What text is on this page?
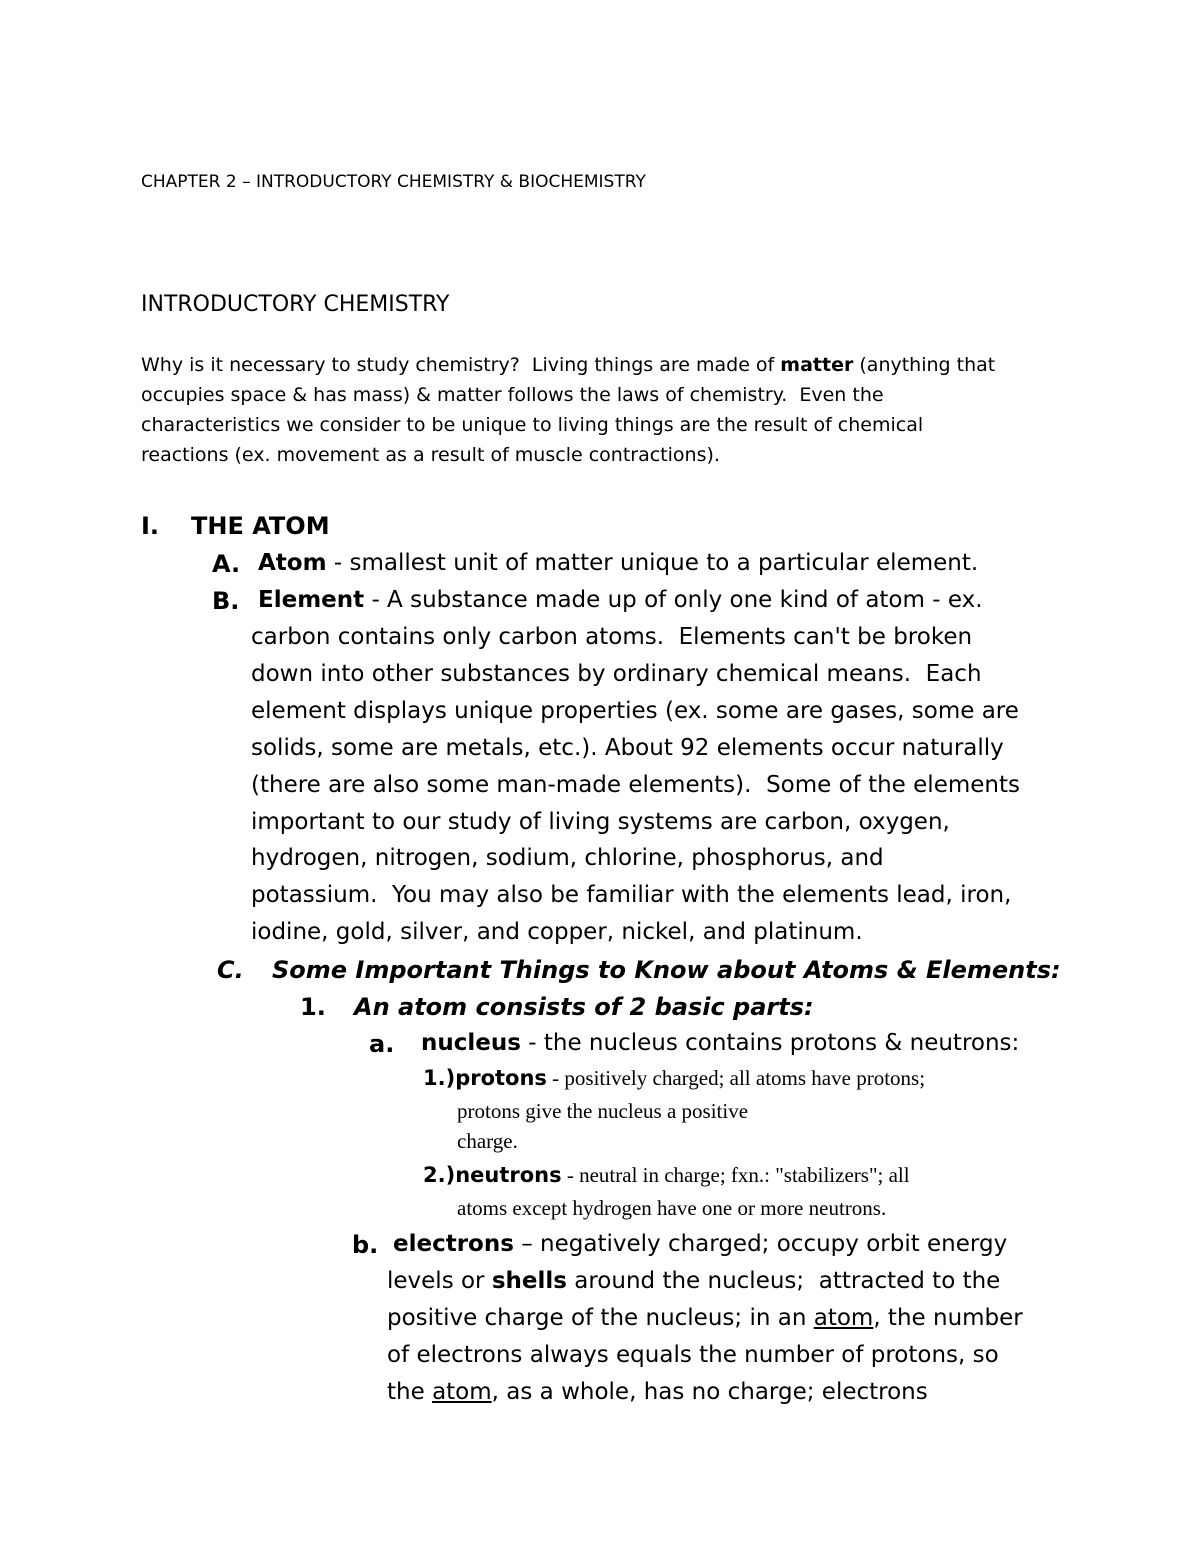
CHAPTER 2 – INTRODUCTORY CHEMISTRY & BIOCHEMISTRY
INTRODUCTORY CHEMISTRY
Why is it necessary to study chemistry?  Living things are made of matter (anything that
occupies space & has mass) & matter follows the laws of chemistry.  Even the
characteristics we consider to be unique to living things are the result of chemical
reactions (ex. movement as a result of muscle contractions).
I. THE ATOM
A. Atom - smallest unit of matter unique to a particular element.
B. Element - A substance made up of only one kind of atom - ex.
carbon contains only carbon atoms.  Elements can't be broken
down into other substances by ordinary chemical means.  Each
element displays unique properties (ex. some are gases, some are
solids, some are metals, etc.). About 92 elements occur naturally
(there are also some man-made elements).  Some of the elements
important to our study of living systems are carbon, oxygen,
hydrogen, nitrogen, sodium, chlorine, phosphorus, and
potassium.  You may also be familiar with the elements lead, iron,
iodine, gold, silver, and copper, nickel, and platinum.
C. Some Important Things to Know about Atoms & Elements:
1. An atom consists of 2 basic parts:
a. nucleus - the nucleus contains protons & neutrons:
1.)protons - positively charged; all atoms have protons;
protons give the nucleus a positive
charge.
2.)neutrons - neutral in charge; fxn.: "stabilizers"; all
atoms except hydrogen have one or more neutrons.
b. electrons – negatively charged; occupy orbit energy
levels or shells around the nucleus;  attracted to the
positive charge of the nucleus; in an atom, the number
of electrons always equals the number of protons, so
the atom, as a whole, has no charge; electrons
